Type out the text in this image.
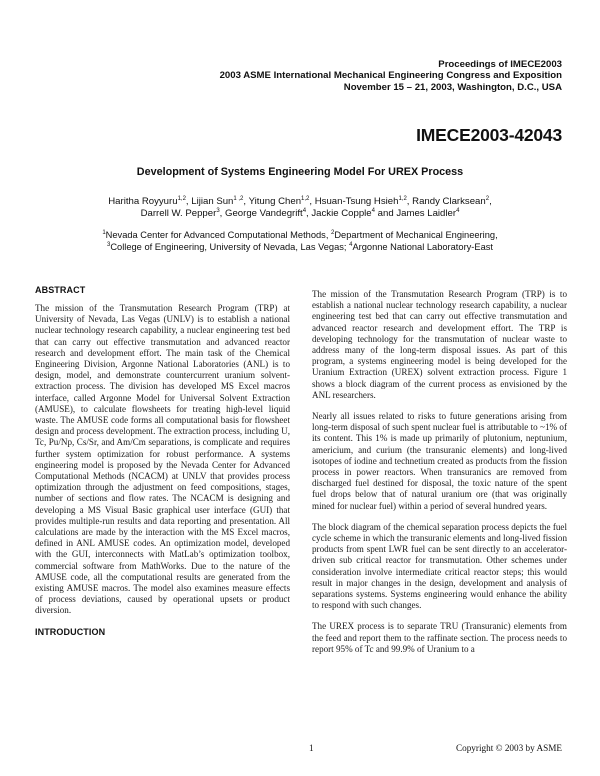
Proceedings of IMECE2003
2003 ASME International Mechanical Engineering Congress and Exposition
November 15 – 21, 2003, Washington, D.C., USA
IMECE2003-42043
Development of Systems Engineering Model For UREX Process
Haritha Royyuru$^{1,2}$, Lijian Sun$^{1 ,2}$, Yitung Chen$^{1,2}$, Hsuan-Tsung Hsieh$^{1,2}$, Randy Clarksean$^2$,
Darrell W. Pepper$^3$, George Vandegrift$^4$, Jackie Copple$^4$ and James Laidler$^4$
$^1$Nevada Center for Advanced Computational Methods, $^2$Department of Mechanical Engineering,
$^3$College of Engineering, University of Nevada, Las Vegas; $^4$Argonne National Laboratory-East
ABSTRACT

The mission of the Transmutation Research Program (TRP) at University of Nevada, Las Vegas (UNLV) is to establish a national nuclear technology research capability, a nuclear engineering test bed that can carry out effective transmutation and advanced reactor research and development effort. The main task of the Chemical Engineering Division, Argonne National Laboratories (ANL) is to design, model, and demonstrate countercurrent uranium solvent-extraction process. The division has developed MS Excel macros interface, called Argonne Model for Universal Solvent Extraction (AMUSE), to calculate flowsheets for treating high-level liquid waste. The AMUSE code forms all computational basis for flowsheet design and process development. The extraction process, including U, Tc, Pu/Np, Cs/Sr, and Am/Cm separations, is complicate and requires further system optimization for robust performance. A systems engineering model is proposed by the Nevada Center for Advanced Computational Methods (NCACM) at UNLV that provides process optimization through the adjustment on feed compositions, stages, number of sections and flow rates. The NCACM is designing and developing a MS Visual Basic graphical user interface (GUI) that provides multiple-run results and data reporting and presentation. All calculations are made by the interaction with the MS Excel macros, defined in ANL AMUSE codes. An optimization model, developed with the GUI, interconnects with MatLab’s optimization toolbox, commercial software from MathWorks. Due to the nature of the AMUSE code, all the computational results are generated from the existing AMUSE macros. The model also examines measure effects of process deviations, caused by operational upsets or product diversion.

INTRODUCTION

The mission of the Transmutation Research Program (TRP) is to establish a national nuclear technology research capability, a nuclear engineering test bed that can carry out effective transmutation and advanced reactor research and development effort. The TRP is developing technology for the transmutation of nuclear waste to address many of the long-term disposal issues. As part of this program, a systems engineering model is being developed for the Uranium Extraction (UREX) solvent extraction process. Figure 1 shows a block diagram of the current process as envisioned by the ANL researchers.

Nearly all issues related to risks to future generations arising from long-term disposal of such spent nuclear fuel is attributable to ~1% of its content. This 1% is made up primarily of plutonium, neptunium, americium, and curium (the transuranic elements) and long-lived isotopes of iodine and technetium created as products from the fission process in power reactors. When transuranics are removed from discharged fuel destined for disposal, the toxic nature of the spent fuel drops below that of natural uranium ore (that was originally mined for nuclear fuel) within a period of several hundred years.

The block diagram of the chemical separation process depicts the fuel cycle scheme in which the transuranic elements and long-lived fission products from spent LWR fuel can be sent directly to an accelerator-driven sub critical reactor for transmutation. Other schemes under consideration involve intermediate critical reactor steps; this would result in major changes in the design, development and analysis of separations systems. Systems engineering would enhance the ability to respond with such changes.

The UREX process is to separate TRU (Transuranic) elements from the feed and report them to the raffinate section. The process needs to report 95% of Tc and 99.9% of Uranium to a

1	Copyright © 2003 by ASME
